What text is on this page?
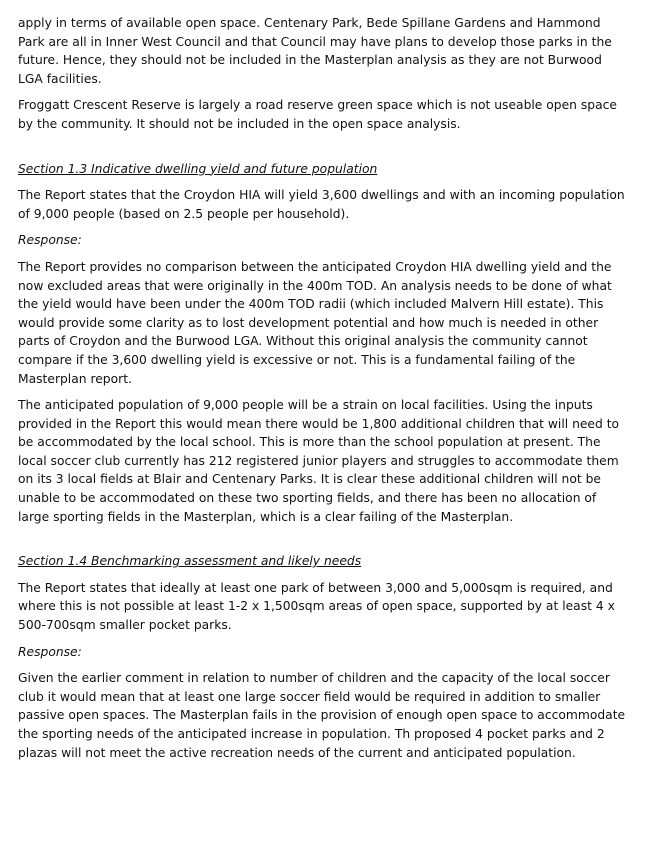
apply in terms of available open space. Centenary Park, Bede Spillane Gardens and Hammond Park are all in Inner West Council and that Council may have plans to develop those parks in the future. Hence, they should not be included in the Masterplan analysis as they are not Burwood LGA facilities.

Froggatt Crescent Reserve is largely a road reserve green space which is not useable open space by the community. It should not be included in the open space analysis.

Section 1.3 Indicative dwelling yield and future population

The Report states that the Croydon HIA will yield 3,600 dwellings and with an incoming population of 9,000 people (based on 2.5 people per household).

Response:

The Report provides no comparison between the anticipated Croydon HIA dwelling yield and the now excluded areas that were originally in the 400m TOD. An analysis needs to be done of what the yield would have been under the 400m TOD radii (which included Malvern Hill estate). This would provide some clarity as to lost development potential and how much is needed in other parts of Croydon and the Burwood LGA. Without this original analysis the community cannot compare if the 3,600 dwelling yield is excessive or not. This is a fundamental failing of the Masterplan report.

The anticipated population of 9,000 people will be a strain on local facilities. Using the inputs provided in the Report this would mean there would be 1,800 additional children that will need to be accommodated by the local school. This is more than the school population at present. The local soccer club currently has 212 registered junior players and struggles to accommodate them on its 3 local fields at Blair and Centenary Parks. It is clear these additional children will not be unable to be accommodated on these two sporting fields, and there has been no allocation of large sporting fields in the Masterplan, which is a clear failing of the Masterplan.

Section 1.4 Benchmarking assessment and likely needs

The Report states that ideally at least one park of between 3,000 and 5,000sqm is required, and where this is not possible at least 1-2 x 1,500sqm areas of open space, supported by at least 4 x 500-700sqm smaller pocket parks.

Response:

Given the earlier comment in relation to number of children and the capacity of the local soccer club it would mean that at least one large soccer field would be required in addition to smaller passive open spaces. The Masterplan fails in the provision of enough open space to accommodate the sporting needs of the anticipated increase in population. Th proposed 4 pocket parks and 2 plazas will not meet the active recreation needs of the current and anticipated population.
